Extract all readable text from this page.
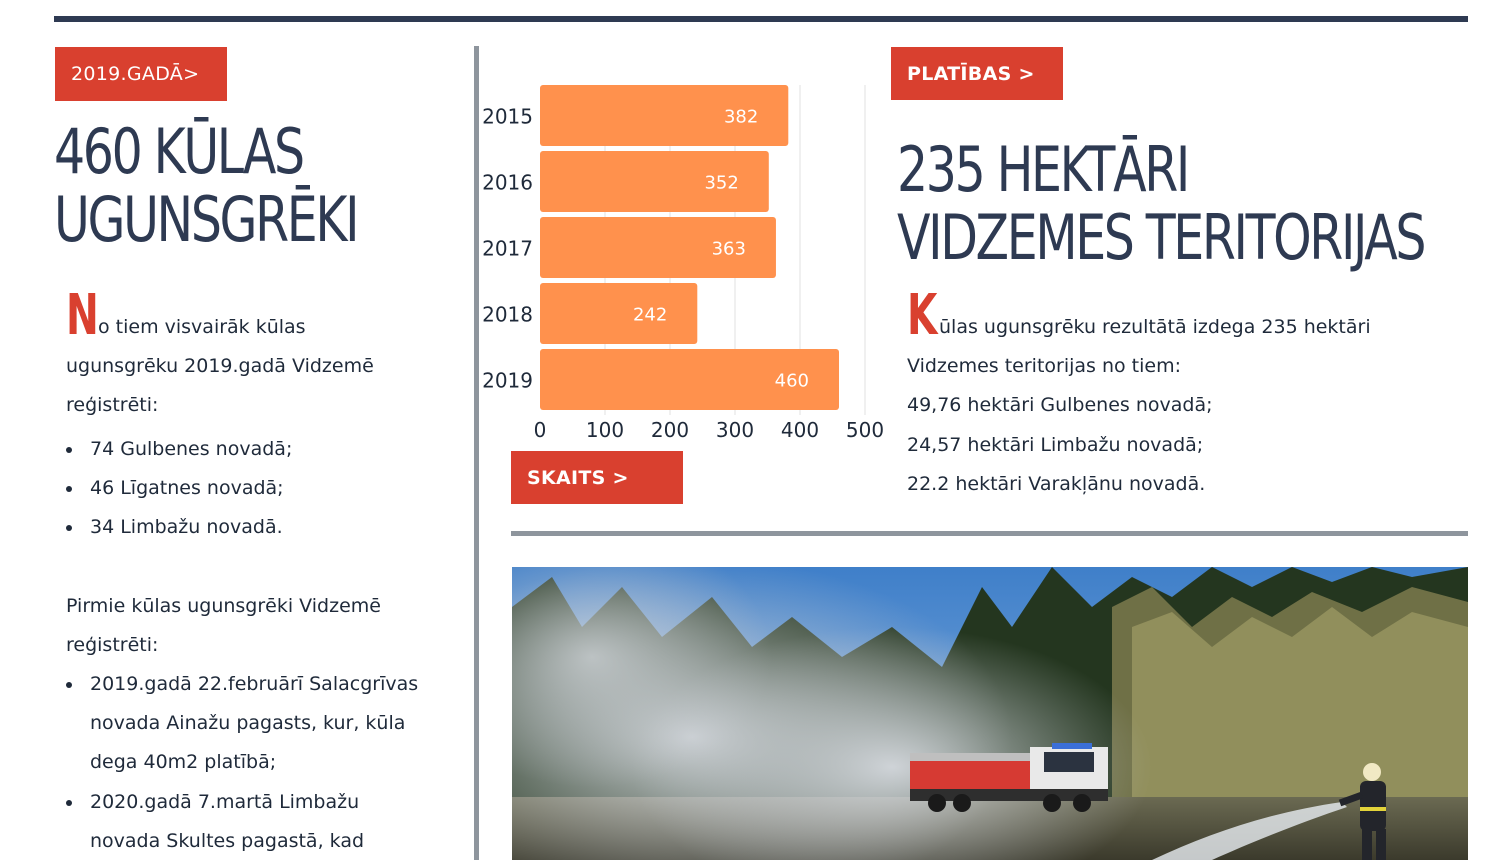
2019.GADĀ>
460 KŪLAS
UGUNSGRĒKI
No tiem visvairāk kūlas
ugunsgrēku 2019.gadā Vidzemē
reģistrēti:
74 Gulbenes novadā;
46 Līgatnes novadā;
34 Limbažu novadā.
Pirmie kūlas ugunsgrēki Vidzemē
reģistrēti:
2019.gadā 22.februārī Salacgrīvas
novada Ainažu pagasts, kur, kūla
dega 40m2 platībā;
2020.gadā 7.martā Limbažu
novada Skultes pagastā, kad
382
2015
352
2016
363
2017
242
2018
460
2019
0 100 200 300 400 500
SKAITS >
PLATĪBAS >
235 HEKTĀRI
VIDZEMES TERITORIJAS
Kūlas ugunsgrēku rezultātā izdega 235 hektāri
Vidzemes teritorijas no tiem:
49,76 hektāri Gulbenes novadā;
24,57 hektāri Limbažu novadā;
22.2 hektāri Varakļānu novadā.
